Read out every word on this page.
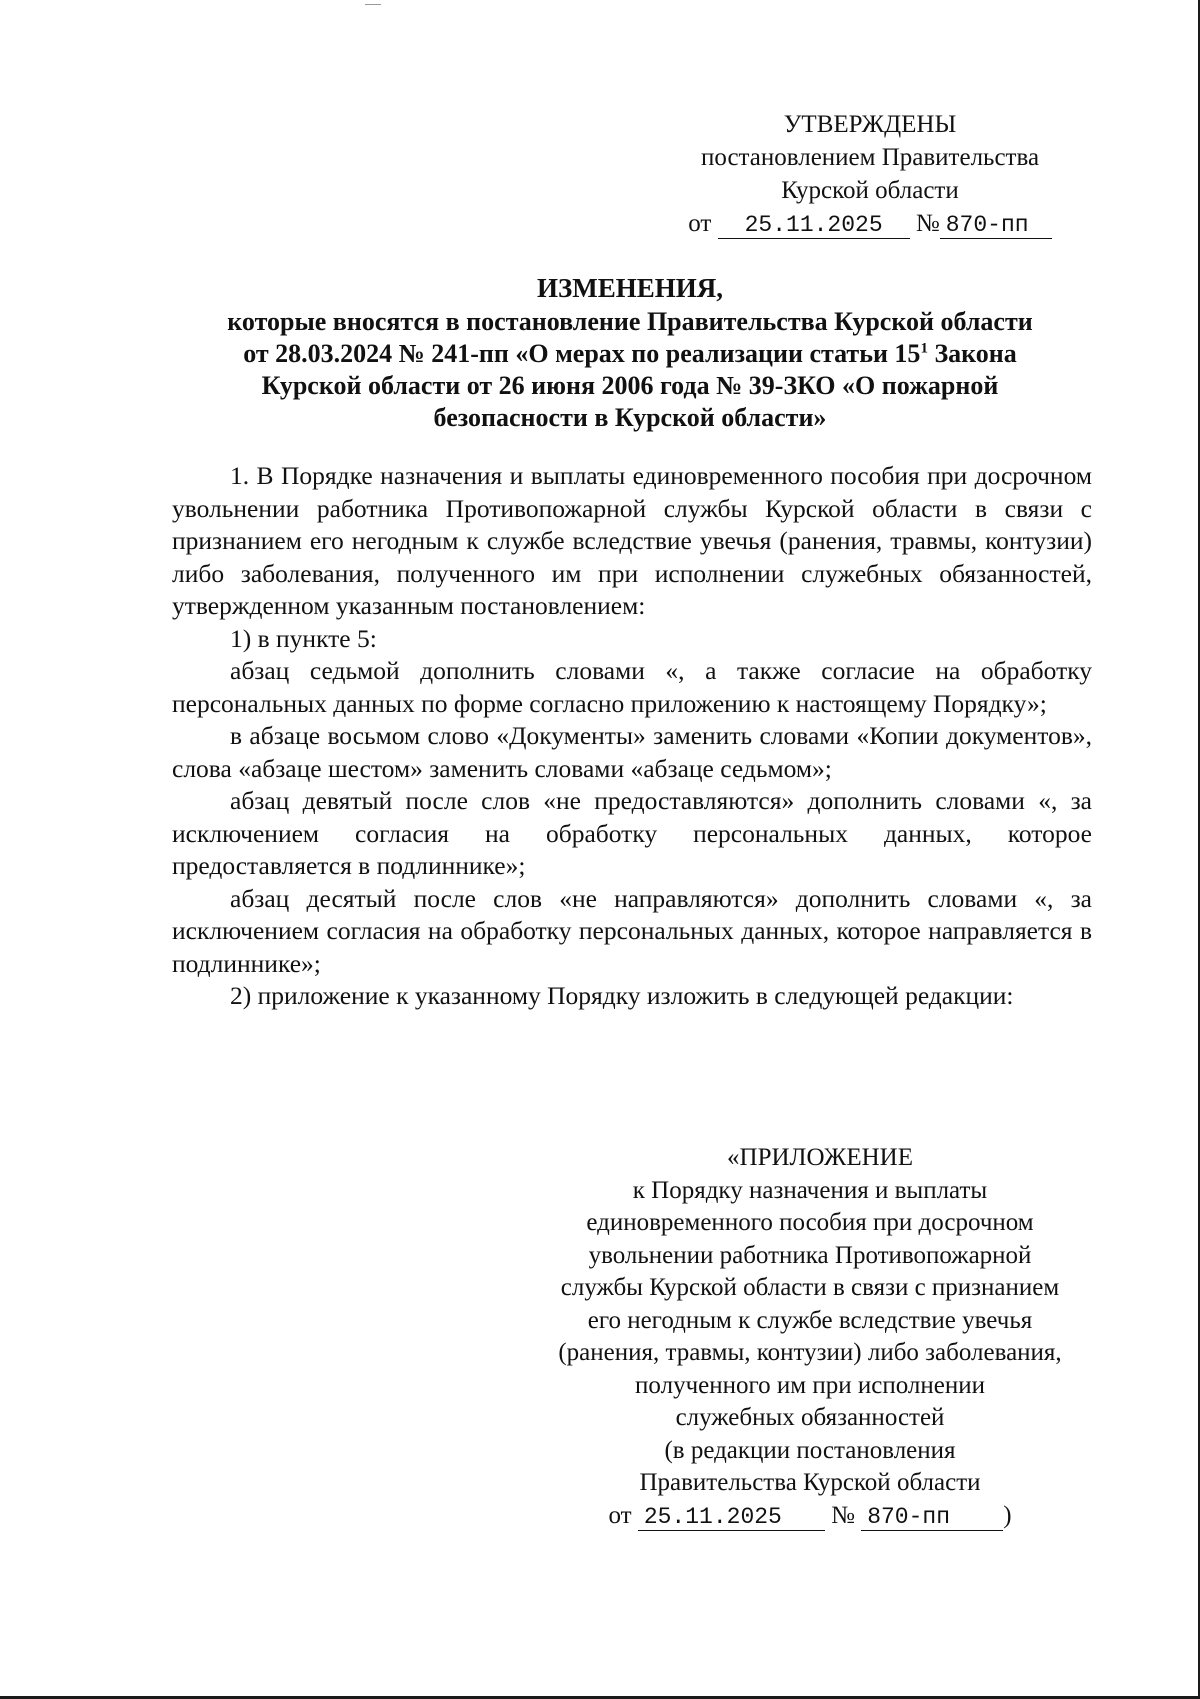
УТВЕРЖДЕНЫ
постановлением Правительства
Курской области
от 25.11.2025 № 870-пп
ИЗМЕНЕНИЯ,
которые вносятся в постановление Правительства Курской области
от 28.03.2024 № 241-пп «О мерах по реализации статьи $15^1$ Закона
Курской области от 26 июня 2006 года № 39-ЗКО «О пожарной
безопасности в Курской области»

1. В Порядке назначения и выплаты единовременного пособия при досрочном увольнении работника Противопожарной службы Курской области в связи с признанием его негодным к службе вследствие увечья (ранения, травмы, контузии) либо заболевания, полученного им при исполнении служебных обязанностей, утвержденном указанным постановлением:

1) в пункте 5:

абзац седьмой дополнить словами «, а также согласие на обработку персональных данных по форме согласно приложению к настоящему Порядку»;

в абзаце восьмом слово «Документы» заменить словами «Копии документов», слова «абзаце шестом» заменить словами «абзаце седьмом»;

абзац девятый после слов «не предоставляются» дополнить словами «, за исключением согласия на обработку персональных данных, которое предоставляется в подлиннике»;

абзац десятый после слов «не направляются» дополнить словами «, за исключением согласия на обработку персональных данных, которое направляется в подлиннике»;

2) приложение к указанному Порядку изложить в следующей редакции:

«ПРИЛОЖЕНИЕ
к Порядку назначения и выплаты
единовременного пособия при досрочном
увольнении работника Противопожарной
службы Курской области в связи с признанием
его негодным к службе вследствие увечья
(ранения, травмы, контузии) либо заболевания,
полученного им при исполнении
служебных обязанностей
(в редакции постановления
Правительства Курской области
от 25.11.2025 № 870-пп )
